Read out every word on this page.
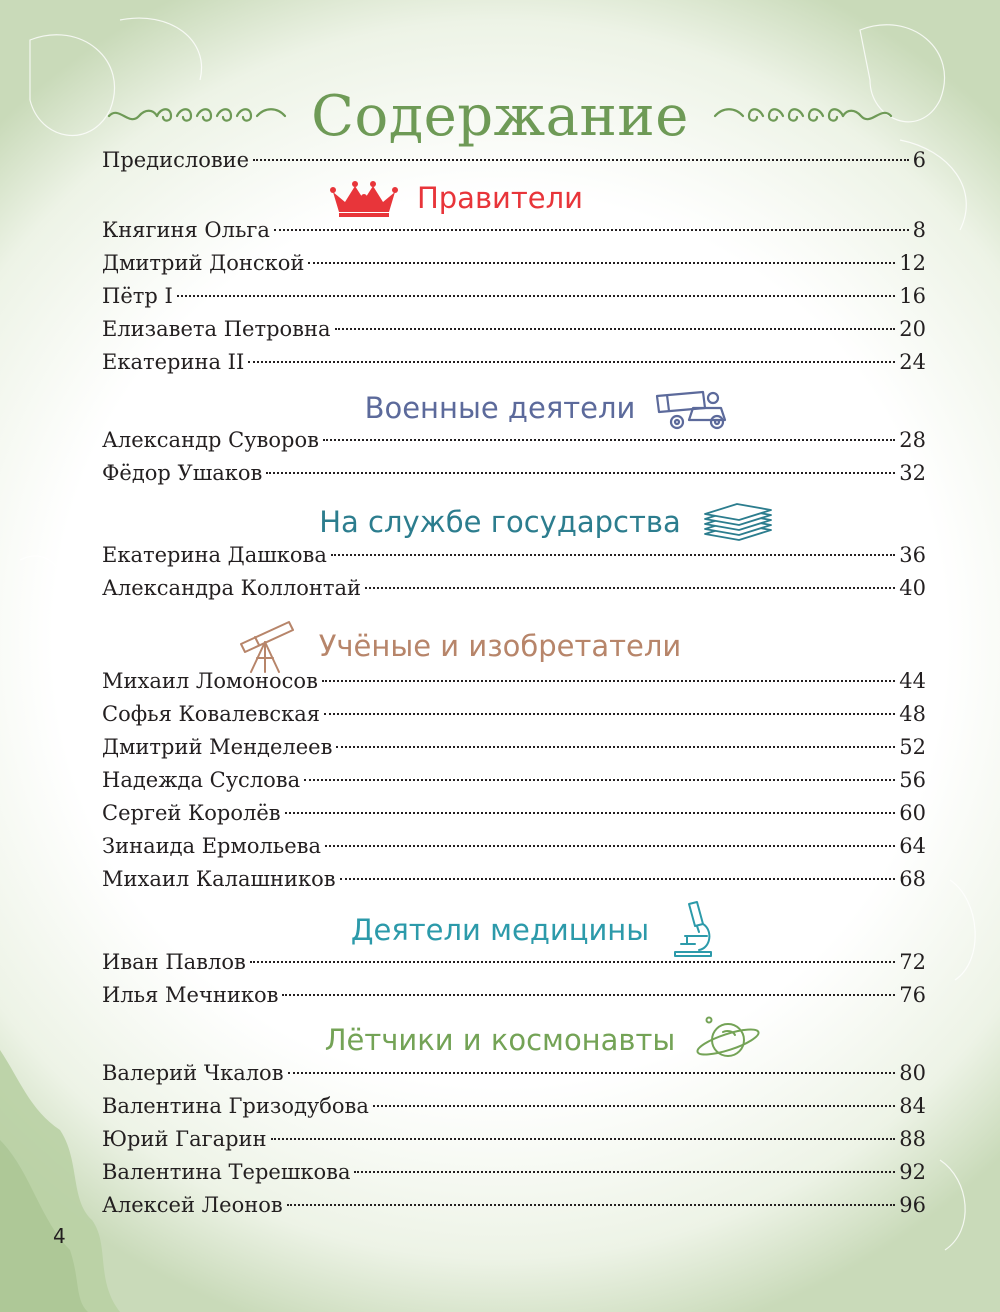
Содержание
Предисловие	6
Правители
Княгиня Ольга	8
Дмитрий Донской	12
Пётр I	16
Елизавета Петровна	20
Екатерина II	24
Военные деятели
Александр Суворов	28
Фёдор Ушаков	32
На службе государства
Екатерина Дашкова	36
Александра Коллонтай	40
Учёные и изобретатели
Михаил Ломоносов	44
Софья Ковалевская	48
Дмитрий Менделеев	52
Надежда Суслова	56
Сергей Королёв	60
Зинаида Ермольева	64
Михаил Калашников	68
Деятели медицины
Иван Павлов	72
Илья Мечников	76
Лётчики и космонавты
Валерий Чкалов	80
Валентина Гризодубова	84
Юрий Гагарин	88
Валентина Терешкова	92
Алексей Леонов	96
4
